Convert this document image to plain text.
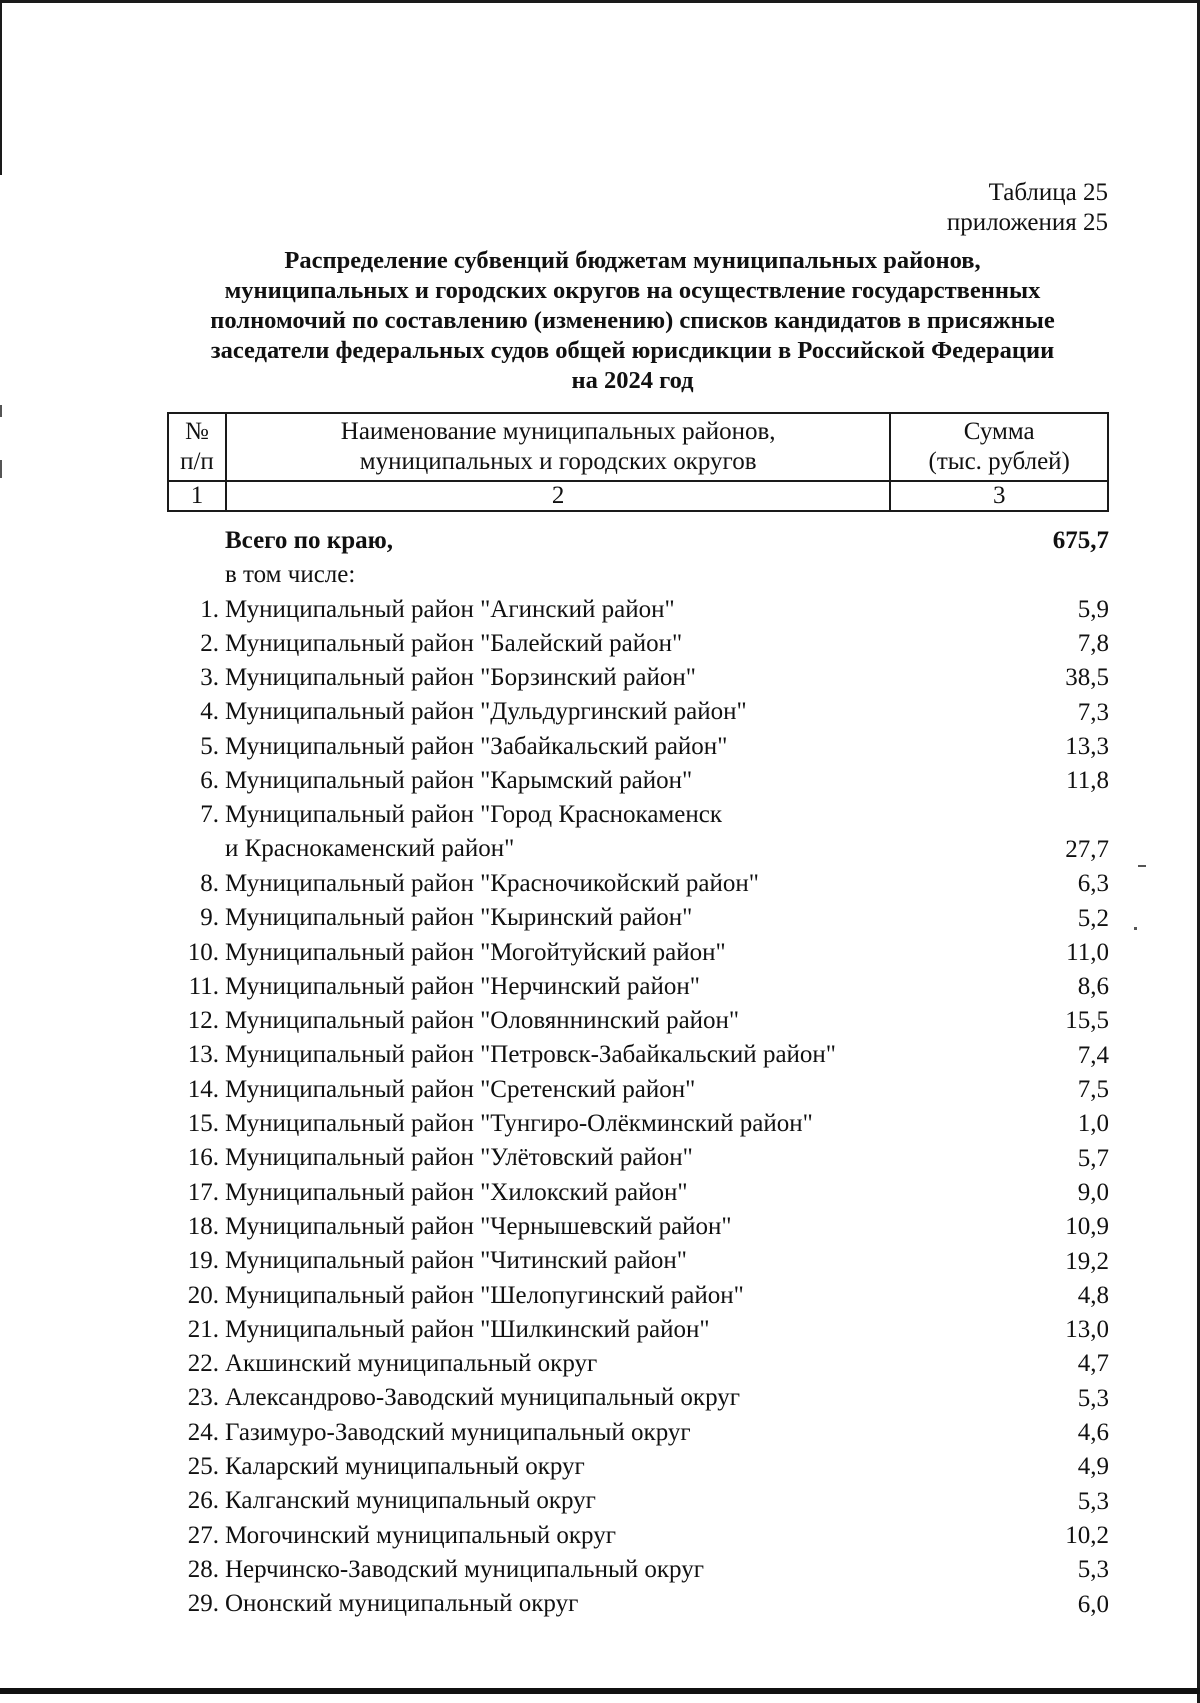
Таблица 25
приложения 25
Распределение субвенций бюджетам муниципальных районов,
муниципальных и городских округов на осуществление государственных
полномочий по составлению (изменению) списков кандидатов в присяжные
заседатели федеральных судов общей юрисдикции в Российской Федерации
на 2024 год
№
п/п	Наименование муниципальных районов,
муниципальных и городских округов	Сумма
(тыс. рублей)
1	2	3
Всего по краю,	675,7
в том числе:
1. Муниципальный район "Агинский район"	5,9
2. Муниципальный район "Балейский район"	7,8
3. Муниципальный район "Борзинский район"	38,5
4. Муниципальный район "Дульдургинский район"	7,3
5. Муниципальный район "Забайкальский район"	13,3
6. Муниципальный район "Карымский район"	11,8
7. Муниципальный район "Город Краснокаменск
и Краснокаменский район"	27,7
8. Муниципальный район "Красночикойский район"	6,3
9. Муниципальный район "Кыринский район"	5,2
10. Муниципальный район "Могойтуйский район"	11,0
11. Муниципальный район "Нерчинский район"	8,6
12. Муниципальный район "Оловяннинский район"	15,5
13. Муниципальный район "Петровск-Забайкальский район"	7,4
14. Муниципальный район "Сретенский район"	7,5
15. Муниципальный район "Тунгиро-Олёкминский район"	1,0
16. Муниципальный район "Улётовский район"	5,7
17. Муниципальный район "Хилокский район"	9,0
18. Муниципальный район "Чернышевский район"	10,9
19. Муниципальный район "Читинский район"	19,2
20. Муниципальный район "Шелопугинский район"	4,8
21. Муниципальный район "Шилкинский район"	13,0
22. Акшинский муниципальный округ	4,7
23. Александрово-Заводский муниципальный округ	5,3
24. Газимуро-Заводский муниципальный округ	4,6
25. Каларский муниципальный округ	4,9
26. Калганский муниципальный округ	5,3
27. Могочинский муниципальный округ	10,2
28. Нерчинско-Заводский муниципальный округ	5,3
29. Ононский муниципальный округ	6,0
